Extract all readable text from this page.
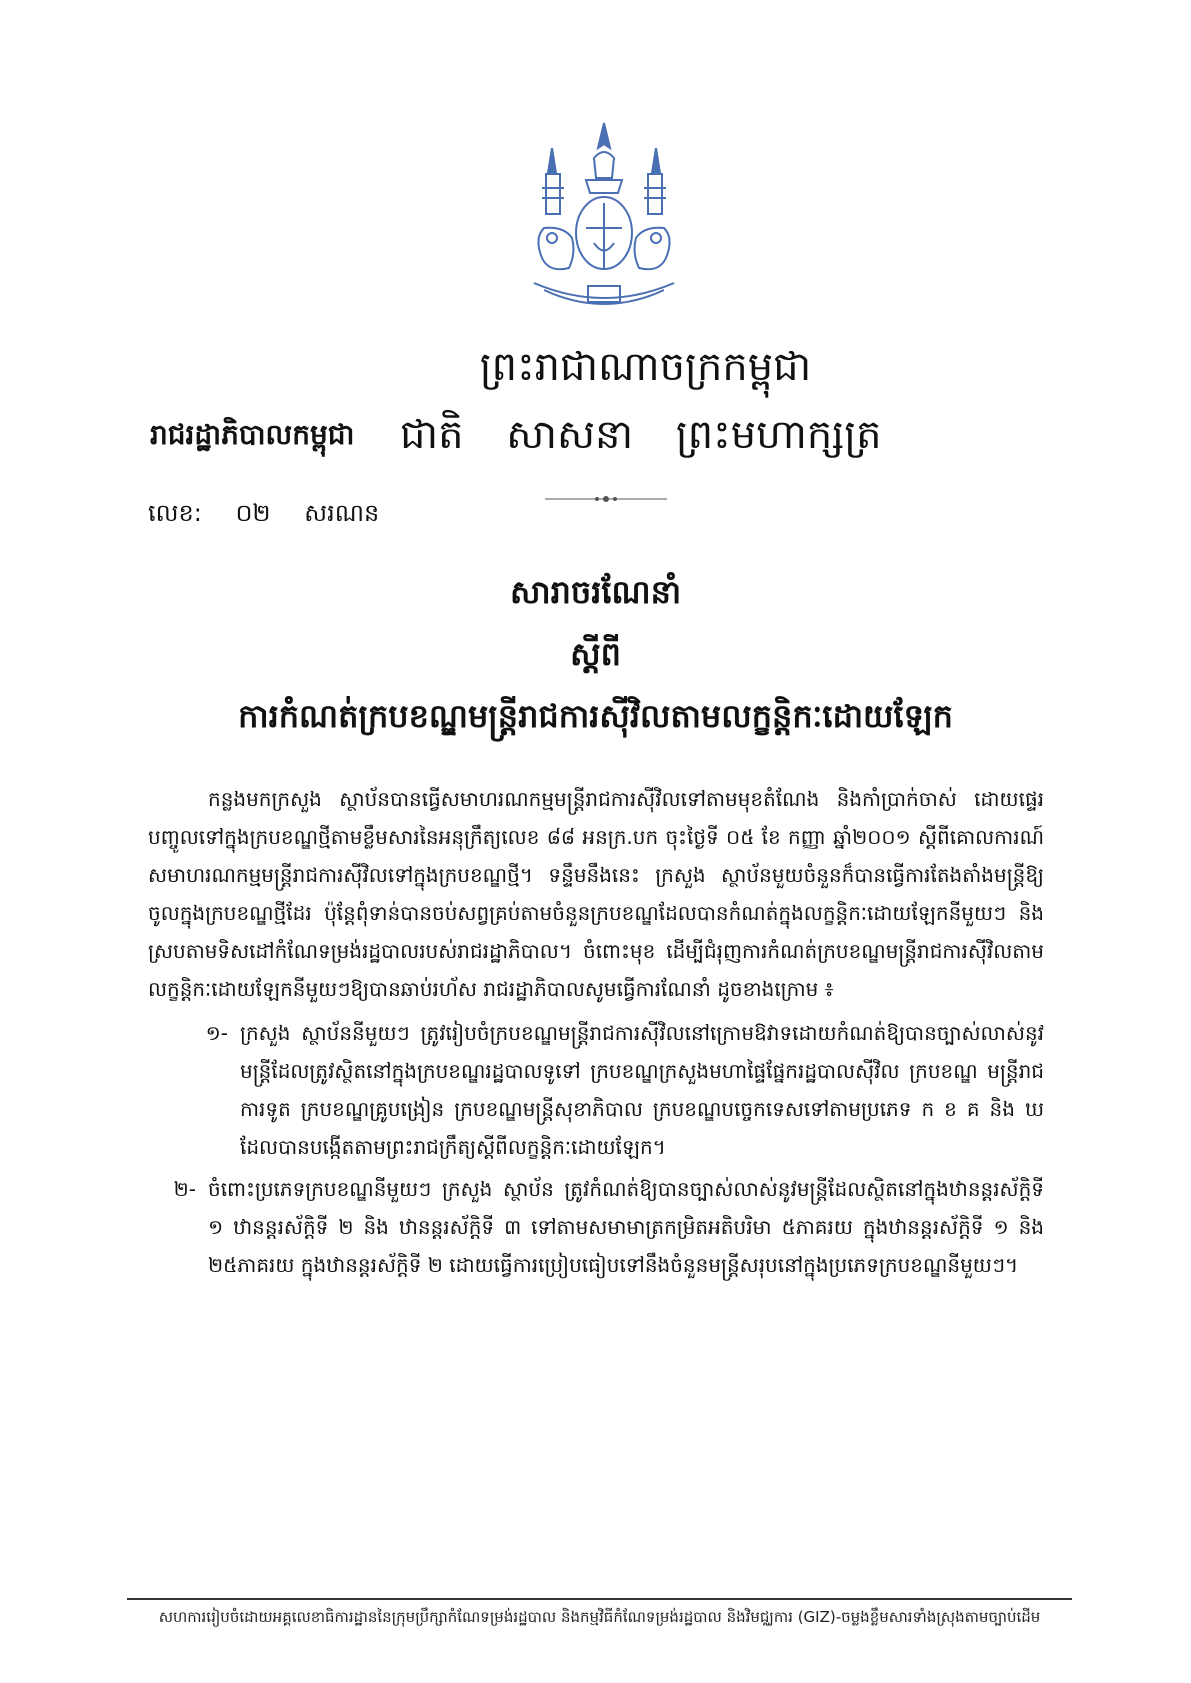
ព្រះរាជាណាចក្រកម្ពុជា
រាជរដ្ឋាភិបាលកម្ពុជា ជាតិ សាសនា ព្រះមហាក្សត្រ
លេខ: ០២ សរណន
សារាចរណែនាំ
ស្តីពី
ការកំណត់ក្របខណ្ឌមន្ត្រីរាជការស៊ីវិលតាមលក្ខន្តិកៈដោយឡែក

កន្លងមកក្រសួង ស្ថាប័នបានធ្វើសមាហរណកម្មមន្ត្រីរាជការស៊ីវិលទៅតាមមុខតំណែង និងកាំប្រាក់ចាស់ ដោយផ្ទេរបញ្ចូលទៅក្នុងក្របខណ្ឌថ្មីតាមខ្លឹមសារនៃអនុក្រឹត្យលេខ ៨៨ អនក្រ.បក ចុះថ្ងៃទី ០៥ ខែ កញ្ញា ឆ្នាំ២០០១ ស្តីពីគោលការណ៍សមាហរណកម្មមន្ត្រីរាជការស៊ីវិលទៅក្នុងក្របខណ្ឌថ្មី។ ទន្ទឹមនឹងនេះ ក្រសួង ស្ថាប័នមួយចំនួនក៏បានធ្វើការតែងតាំងមន្ត្រីឱ្យចូលក្នុងក្របខណ្ឌថ្មីដែរ ប៉ុន្តែពុំទាន់បានចប់សព្វគ្រប់តាមចំនួនក្របខណ្ឌដែលបានកំណត់ក្នុងលក្ខន្តិកៈដោយឡែកនីមួយៗ និងស្របតាមទិសដៅកំណែទម្រង់រដ្ឋបាលរបស់រាជរដ្ឋាភិបាល។ ចំពោះមុខ ដើម្បីជំរុញការកំណត់ក្របខណ្ឌមន្ត្រីរាជការស៊ីវិលតាមលក្ខន្តិកៈដោយឡែកនីមួយៗឱ្យបានឆាប់រហ័ស រាជរដ្ឋាភិបាលសូមធ្វើការណែនាំ ដូចខាងក្រោម ៖

១- ក្រសួង ស្ថាប័ននីមួយៗ ត្រូវរៀបចំក្របខណ្ឌមន្ត្រីរាជការស៊ីវិលនៅក្រោមឱវាទដោយកំណត់ឱ្យបានច្បាស់លាស់នូវមន្ត្រីដែលត្រូវស្ថិតនៅក្នុងក្របខណ្ឌរដ្ឋបាលទូទៅ ក្របខណ្ឌក្រសួងមហាផ្ទៃផ្នែករដ្ឋបាលស៊ីវិល ក្របខណ្ឌ មន្ត្រីរាជការទូត ក្របខណ្ឌគ្រូបង្រៀន ក្របខណ្ឌមន្ត្រីសុខាភិបាល ក្របខណ្ឌបច្ចេកទេសទៅតាមប្រភេទ ក ខ គ និង ឃ ដែលបានបង្កើតតាមព្រះរាជក្រឹត្យស្តីពីលក្ខន្តិកៈដោយឡែក។
២- ចំពោះប្រភេទក្របខណ្ឌនីមួយៗ ក្រសួង ស្ថាប័ន ត្រូវកំណត់ឱ្យបានច្បាស់លាស់នូវមន្ត្រីដែលស្ថិតនៅក្នុងឋានន្តរស័ក្តិទី ១ ឋានន្តរស័ក្តិទី ២ និង ឋានន្តរស័ក្តិទី ៣ ទៅតាមសមាមាត្រកម្រិតអតិបរិមា ៥ភាគរយ ក្នុងឋានន្តរស័ក្តិទី ១ និង ២៥ភាគរយ ក្នុងឋានន្តរស័ក្តិទី ២ ដោយធ្វើការប្រៀបធៀបទៅនឹងចំនួនមន្ត្រីសរុបនៅក្នុងប្រភេទក្របខណ្ឌនីមួយៗ។
សហការរៀបចំដោយអគ្គលេខាធិការដ្ឋាននៃក្រុមប្រឹក្សាកំណែទម្រង់រដ្ឋបាល និងកម្មវិធីកំណែទម្រង់រដ្ឋបាល និងវិមជ្ឈការ (GIZ)-ចម្លងខ្លឹមសារទាំងស្រុងតាមច្បាប់ដើម
